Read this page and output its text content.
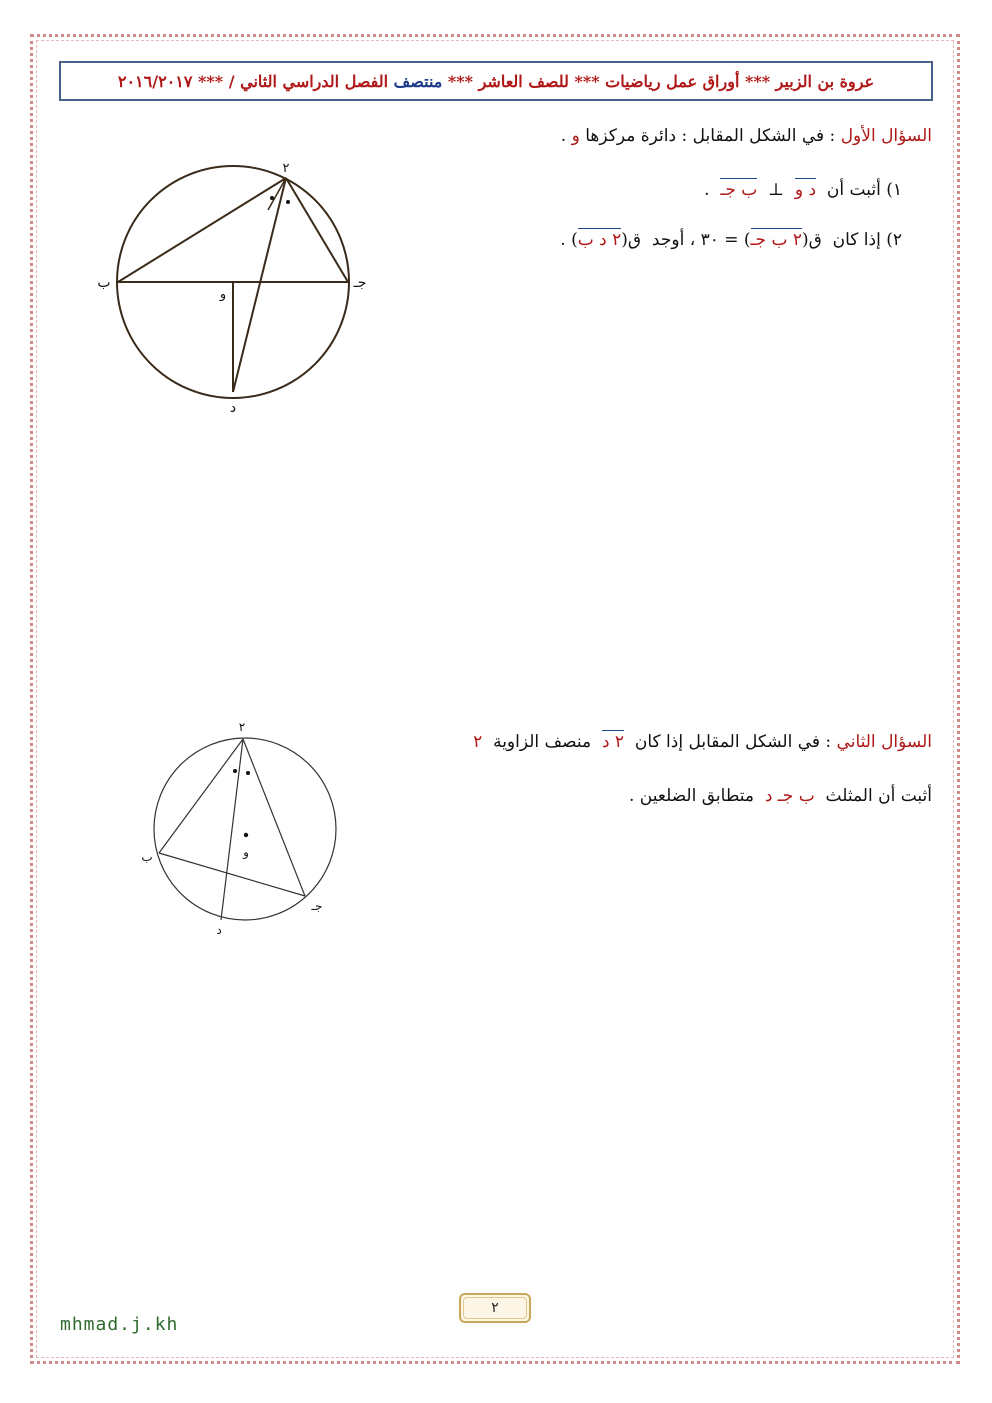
عروة بن الزبير ***

أوراق عمل رياضيات ***

للصف العاشر ***

منتصف

الفصل الدراسي الثاني / ***

٢٠١٦/٢٠١٧
السؤال الأول : في الشكل المقابل : دائرة مركزها و .
١) أثبت أن  د و  ⊥  ب جـ  .
٢) إذا كان  ق(٢ ب جـ) = ٣٠ ، أوجد  ق(٢ د ب) .
٢
ب	جـ
و
د
السؤال الثاني : في الشكل المقابل إذا كان  ٢ د  منصف الزاوية  ٢
أثبت أن المثلث  ب جـ د  متطابق الضلعين .
٢
ب
جـ
و
د
٢
mhmad.j.kh
